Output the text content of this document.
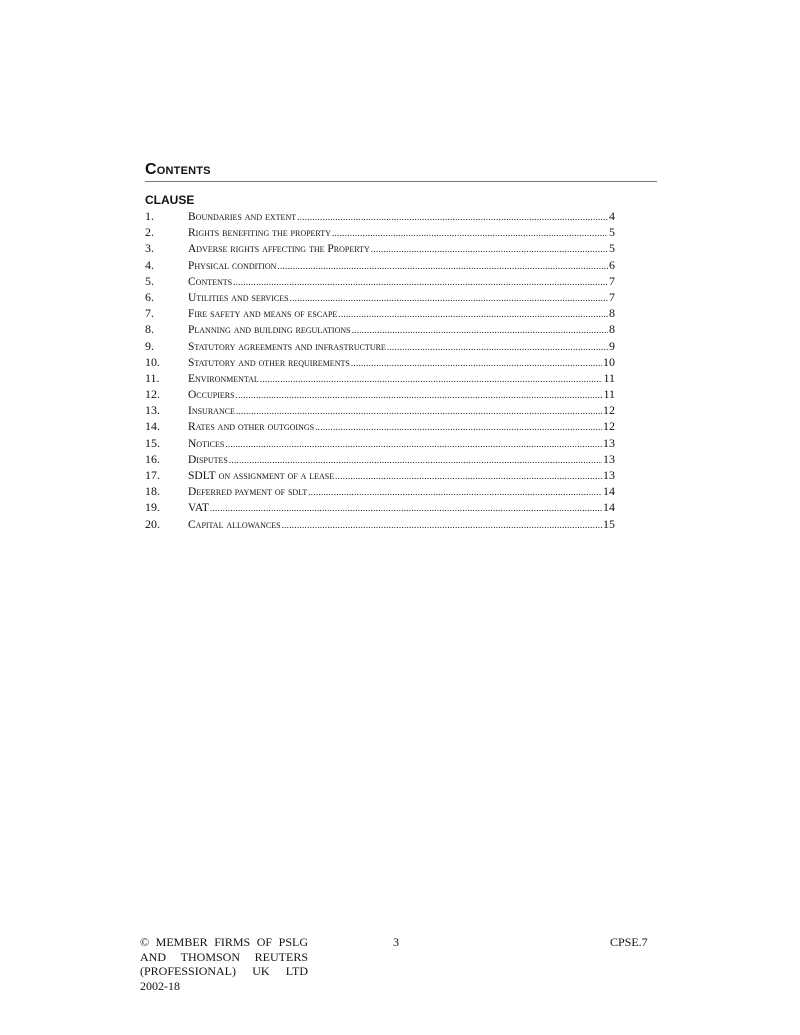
Contents
CLAUSE
1.	Boundaries and extent .....	4
2.	Rights benefiting the property .....	5
3.	Adverse rights affecting the Property .....	5
4.	Physical condition .....	6
5.	Contents .....	7
6.	Utilities and services .....	7
7.	Fire safety and means of escape .....	8
8.	Planning and building regulations .....	8
9.	Statutory agreements and infrastructure .....	9
10.	Statutory and other requirements .....	10
11.	Environmental .....	11
12.	Occupiers .....	11
13.	Insurance .....	12
14.	Rates and other outgoings .....	12
15.	Notices .....	13
16.	Disputes .....	13
17.	SDLT on assignment of a lease .....	13
18.	Deferred payment of sdlt .....	14
19.	VAT .....	14
20.	Capital allowances .....	15
© MEMBER FIRMS OF PSLG
AND THOMSON REUTERS
(PROFESSIONAL) UK LTD
2002-18
3	CPSE.7
